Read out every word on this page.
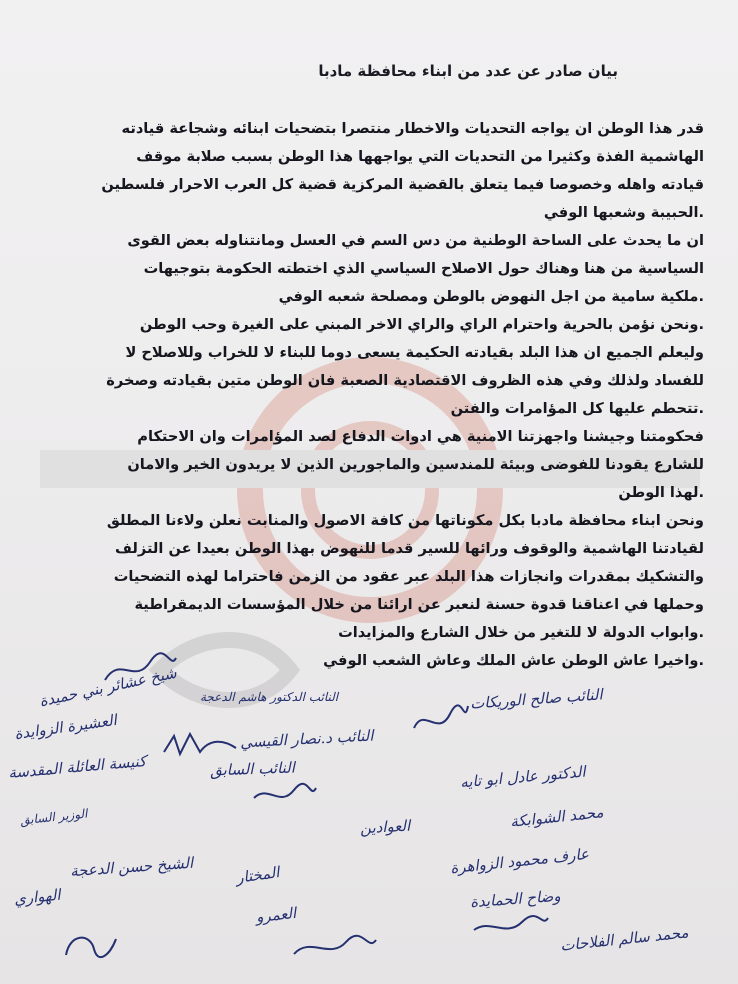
بيان صادر عن عدد من ابناء محافظة مادبا
قدر هذا الوطن ان يواجه التحديات والاخطار منتصرا بتضحيات ابنائه وشجاعة قيادته
الهاشمية الفذة وكثيرا من التحديات التي يواجهها هذا الوطن بسبب صلابة موقف
قيادته واهله وخصوصا فيما يتعلق بالقضية المركزية قضية كل العرب الاحرار فلسطين
.الحبيبة وشعبها الوفي
ان ما يحدث على الساحة الوطنية من دس السم في العسل ومانتناوله بعض القوى
السياسية من هنا وهناك حول الاصلاح السياسي الذي اختطته الحكومة بتوجيهات
.ملكية سامية من اجل النهوض بالوطن ومصلحة شعبه الوفي
.ونحن نؤمن بالحرية واحترام الراي والراي الاخر المبني على الغيرة وحب الوطن
وليعلم الجميع ان هذا البلد بقيادته الحكيمة يسعى دوما للبناء لا للخراب وللاصلاح لا
للفساد ولذلك وفي هذه الظروف الاقتصادية الصعبة فان الوطن متين بقيادته وصخرة
.تتحطم عليها كل المؤامرات والفتن
فحكومتنا وجيشنا واجهزتنا الامنية هي ادوات الدفاع لصد المؤامرات وان الاحتكام
للشارع يقودنا للفوضى وبيئة للمندسين والماجورين الذين لا يريدون الخير والامان
.لهذا الوطن
ونحن ابناء محافظة مادبا بكل مكوناتها من كافة الاصول والمنابت نعلن ولاءنا المطلق
لقيادتنا الهاشمية والوقوف ورائها للسير قدما للنهوض بهذا الوطن بعيدا عن التزلف
والتشكيك بمقدرات وانجازات هذا البلد عبر عقود من الزمن فاحتراما لهذه التضحيات
وحملها في اعناقنا قدوة حسنة لنعبر عن ارائنا من خلال المؤسسات الديمقراطية
.وابواب الدولة لا للتغير من خلال الشارع والمزايدات
.واخيرا عاش الوطن عاش الملك وعاش الشعب الوفي
شيخ عشائر بني حميدة النائب الدكتور هاشم الدعجة	النائب صالح الوريكات
العشيرة الزوايدة	النائب د.نصار القيسي
الدكتور عادل ابو تايه
كنيسة العائلة المقدسة	النائب السابق
محمد الشوابكة
العوادين
الوزير السابق
عارف محمود الزواهرة
الشيخ حسن الدعجة	المختار
وضاح الحمايدة
الهواري
العمرو
محمد سالم الفلاحات
